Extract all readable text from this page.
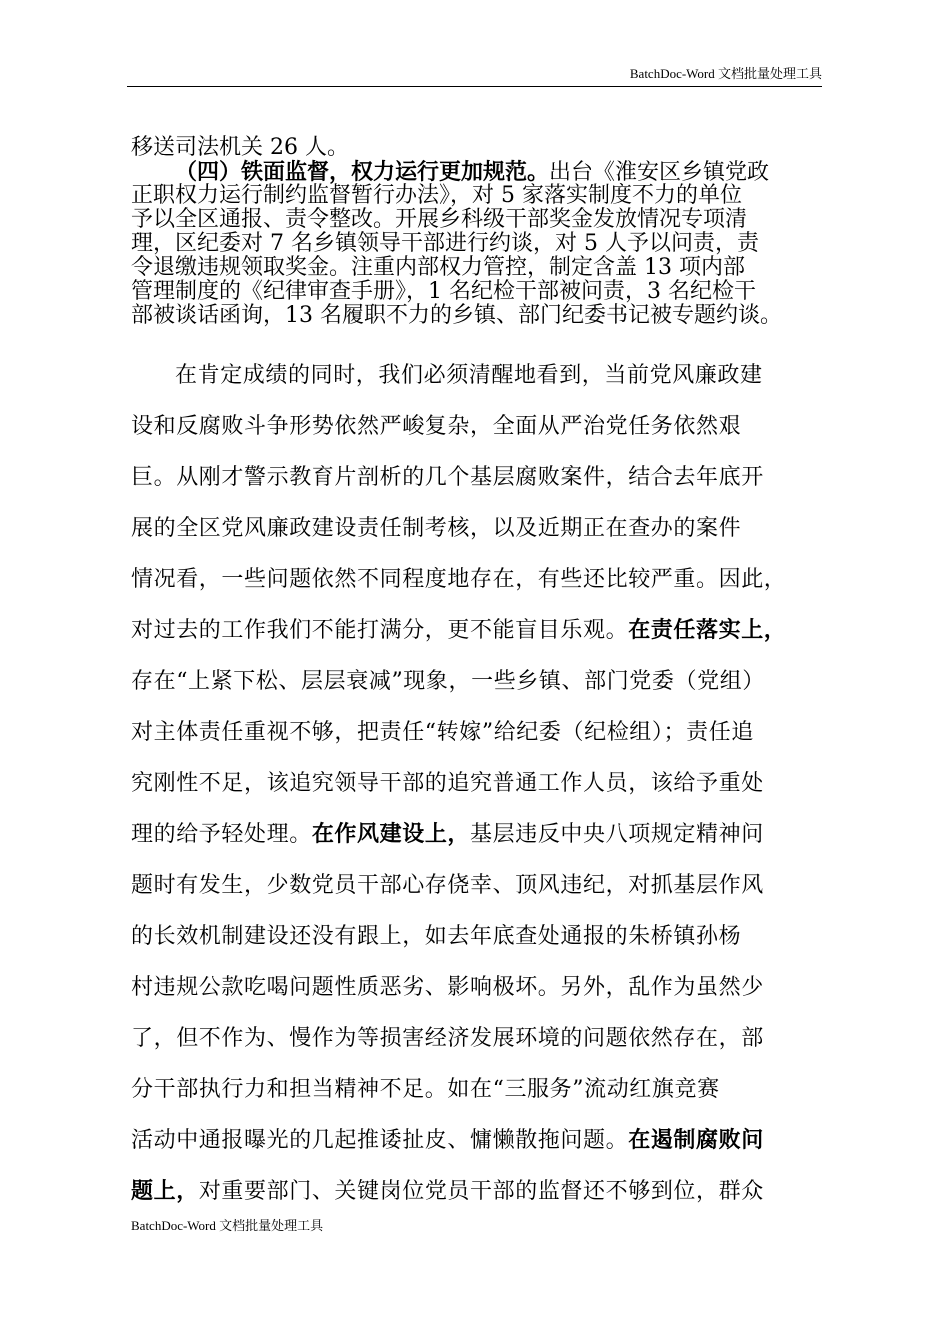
BatchDoc-Word 文档批量处理工具
移送司法机关 26 人。
（四）铁面监督，权力运行更加规范。出台《淮安区乡镇党政
正职权力运行制约监督暂行办法》，对 5 家落实制度不力的单位
予以全区通报、责令整改。开展乡科级干部奖金发放情况专项清
理，区纪委对 7 名乡镇领导干部进行约谈，对 5 人予以问责，责
令退缴违规领取奖金。注重内部权力管控，制定含盖 13 项内部
管理制度的《纪律审查手册》，1 名纪检干部被问责，3 名纪检干
部被谈话函询，13 名履职不力的乡镇、部门纪委书记被专题约谈。
在肯定成绩的同时，我们必须清醒地看到，当前党风廉政建
设和反腐败斗争形势依然严峻复杂，全面从严治党任务依然艰
巨。从刚才警示教育片剖析的几个基层腐败案件，结合去年底开
展的全区党风廉政建设责任制考核，以及近期正在查办的案件
情况看，一些问题依然不同程度地存在，有些还比较严重。因此，
对过去的工作我们不能打满分，更不能盲目乐观。在责任落实上，
存在“上紧下松、层层衰减”现象，一些乡镇、部门党委（党组）
对主体责任重视不够，把责任“转嫁”给纪委（纪检组）；责任追
究刚性不足，该追究领导干部的追究普通工作人员，该给予重处
理的给予轻处理。在作风建设上，基层违反中央八项规定精神问
题时有发生，少数党员干部心存侥幸、顶风违纪，对抓基层作风
的长效机制建设还没有跟上，如去年底查处通报的朱桥镇孙杨
村违规公款吃喝问题性质恶劣、影响极坏。另外，乱作为虽然少
了，但不作为、慢作为等损害经济发展环境的问题依然存在，部
分干部执行力和担当精神不足。如在“三服务”流动红旗竞赛
活动中通报曝光的几起推诿扯皮、慵懒散拖问题。在遏制腐败问
题上，对重要部门、关键岗位党员干部的监督还不够到位，群众
BatchDoc-Word 文档批量处理工具
